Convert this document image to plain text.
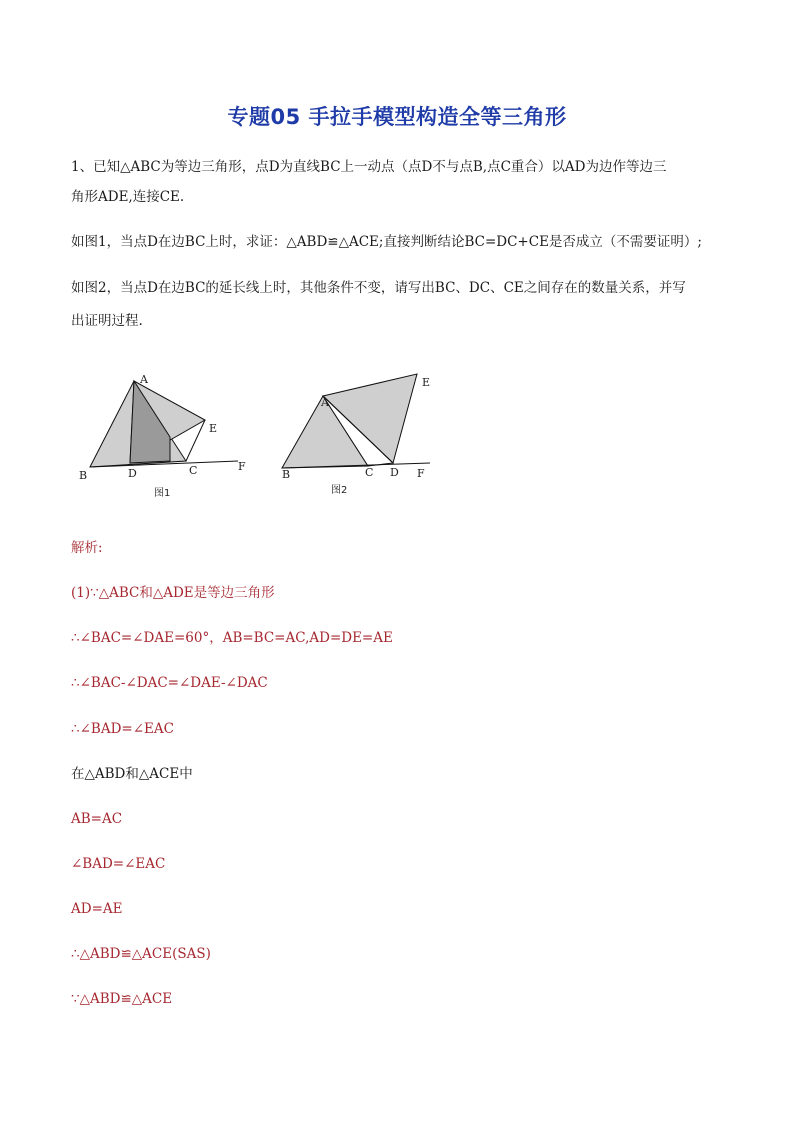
专题05 手拉手模型构造全等三角形
1、已知△ABC为等边三角形，点D为直线BC上一动点（点D不与点B,点C重合）以AD为边作等边三
角形ADE,连接CE.
如图1，当点D在边BC上时，求证：△ABD≌△ACE;直接判断结论BC=DC+CE是否成立（不需要证明）;
如图2，当点D在边BC的延长线上时，其他条件不变，请写出BC、DC、CE之间存在的数量关系，并写
出证明过程.
A
B	D	C
E
F
图1
A
B	C D
E
F
图2
解析:
(1)∵△ABC和△ADE是等边三角形
∴∠BAC=∠DAE=60°，AB=BC=AC,AD=DE=AE
∴∠BAC-∠DAC=∠DAE-∠DAC
∴∠BAD=∠EAC
在△ABD和△ACE中
AB=AC
∠BAD=∠EAC
AD=AE
∴△ABD≌△ACE(SAS)
∵△ABD≌△ACE
